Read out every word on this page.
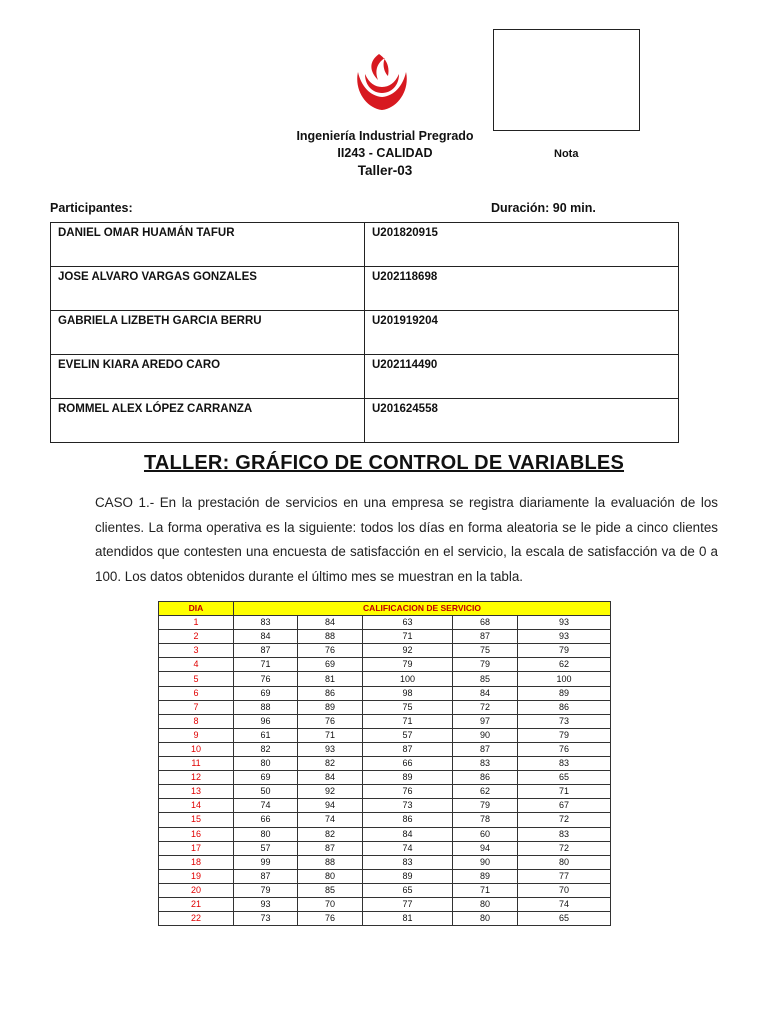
Nota
Ingeniería Industrial Pregrado
II243 - CALIDAD
Taller-03
Participantes:	Duración: 90 min.
DANIEL OMAR HUAMÁN TAFUR	U201820915
JOSE ALVARO VARGAS GONZALES	U202118698
GABRIELA LIZBETH GARCIA BERRU	U201919204
EVELIN KIARA AREDO CARO	U202114490
ROMMEL ALEX LÓPEZ CARRANZA	U201624558
TALLER: GRÁFICO DE CONTROL DE VARIABLES
CASO 1.- En la prestación de servicios en una empresa se registra diariamente la evaluación de los clientes. La forma operativa es la siguiente: todos los días en forma aleatoria se le pide a cinco clientes atendidos que contesten una encuesta de satisfacción en el servicio, la escala de satisfacción va de 0 a 100. Los datos obtenidos durante el último mes se muestran en la tabla.
DIA	CALIFICACION DE SERVICIO				
1	83	84	63	68	93
2	84	88	71	87	93
3	87	76	92	75	79
4	71	69	79	79	62
5	76	81	100	85	100
6	69	86	98	84	89
7	88	89	75	72	86
8	96	76	71	97	73
9	61	71	57	90	79
10	82	93	87	87	76
11	80	82	66	83	83
12	69	84	89	86	65
13	50	92	76	62	71
14	74	94	73	79	67
15	66	74	86	78	72
16	80	82	84	60	83
17	57	87	74	94	72
18	99	88	83	90	80
19	87	80	89	89	77
20	79	85	65	71	70
21	93	70	77	80	74
22	73	76	81	80	65
